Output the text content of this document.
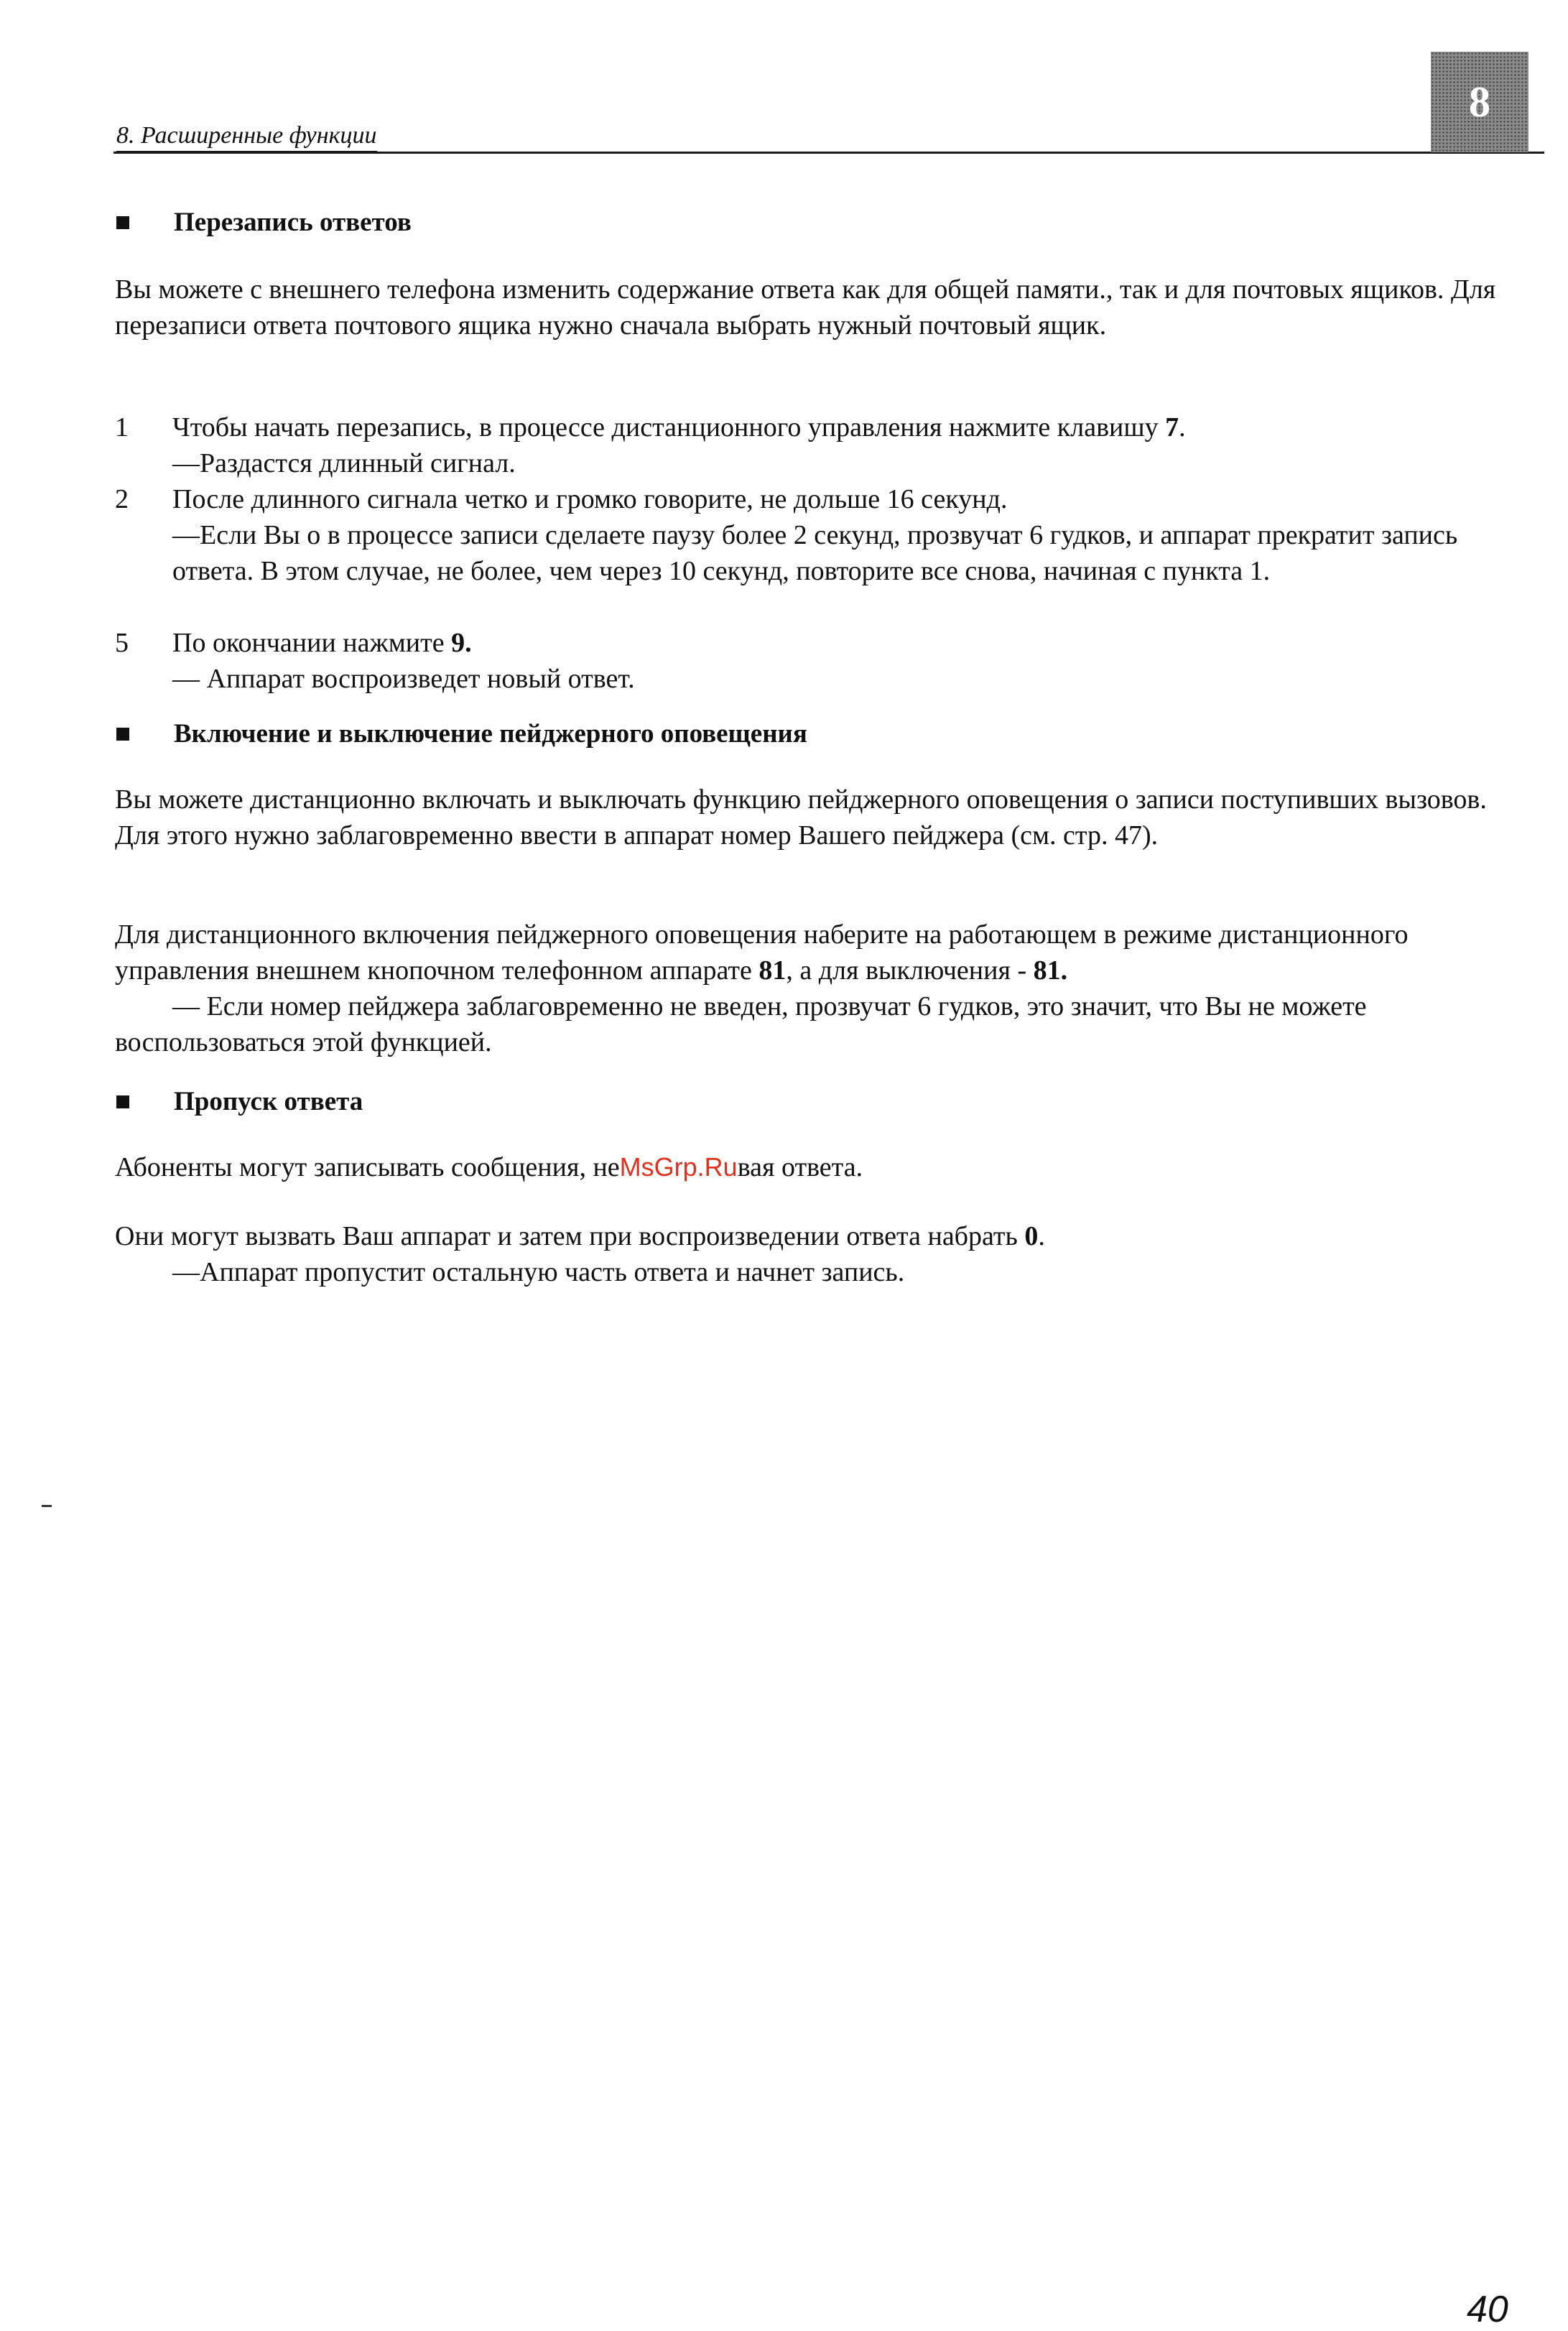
8. Расширенные функции
8
Перезапись ответов

Вы можете с внешнего телефона изменить содержание ответа как для общей памяти., так и для почтовых ящиков. Для перезаписи ответа почтового ящика нужно сначала выбрать нужный почтовый ящик.

1	Чтобы начать перезапись, в процессе дистанционного управления нажмите клавишу 7.
—Раздастся длинный сигнал.
2	После длинного сигнала четко и громко говорите, не дольше 16 секунд.
—Если Вы о в процессе записи сделаете паузу более 2 секунд, прозвучат 6 гудков, и аппарат прекратит запись ответа. В этом случае, не более, чем через 10 секунд, повторите все снова, начиная с пункта 1.
5	По окончании нажмите 9.
— Аппарат воспроизведет новый ответ.
Включение и выключение пейджерного оповещения

Вы можете дистанционно включать и выключать функцию пейджерного оповещения о записи поступивших вызовов. Для этого нужно заблаговременно ввести в аппарат номер Вашего пейджера (см. стр. 47).

Для дистанционного включения пейджерного оповещения наберите на работающем в режиме дистанционного управления внешнем кнопочном телефонном аппарате 81, а для выключения - 81.

— Если номер пейджера заблаговременно не введен, прозвучат 6 гудков, это значит, что Вы не можете воспользоваться этой функцией.

Пропуск ответа

Абоненты могут записывать сообщения, неMsGrp.Ruвая ответа.

Они могут вызвать Ваш аппарат и затем при воспроизведении ответа набрать 0.

—Аппарат пропустит остальную часть ответа и начнет запись.

40
